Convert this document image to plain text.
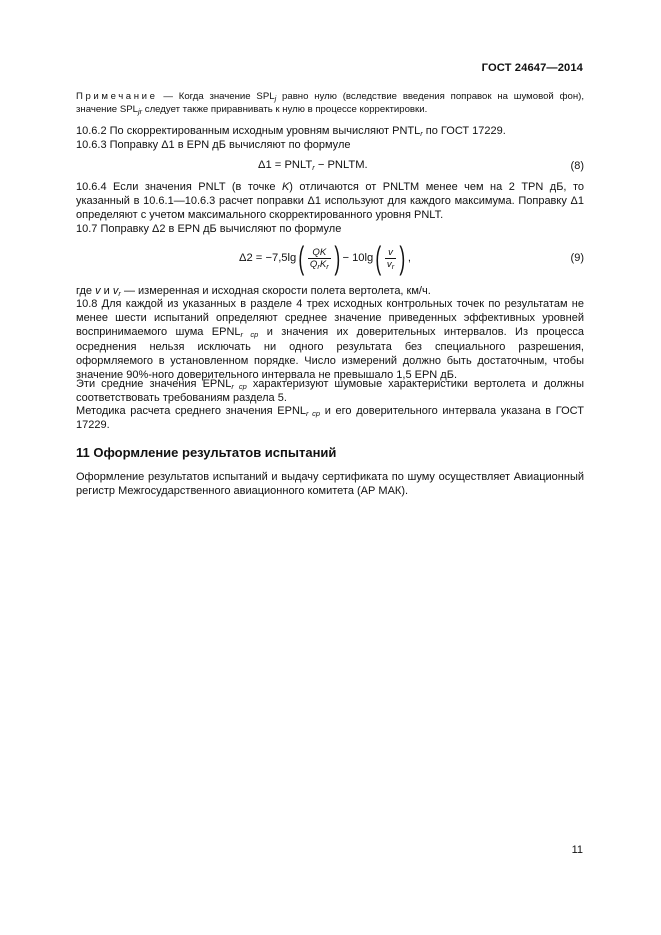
ГОСТ 24647—2014
Примечание — Когда значение $SPL_j$ равно нулю (вследствие введения поправок на шумовой фон), значение $SPL_{jr}$ следует также приравнивать к нулю в процессе корректировки.
10.6.2 По скорректированным исходным уровням вычисляют $PNTL_r$ по ГОСТ 17229.
10.6.3 Поправку Δ1 в EPN дБ вычисляют по формуле
$\Delta 1 = PNLT_r$ − PNLTM.	(8)
10.6.4 Если значения PNLT (в точке K) отличаются от PNLTM менее чем на 2 TPN дБ, то указанный в 10.6.1—10.6.3 расчет поправки Δ1 используют для каждого максимума. Поправку Δ1 определяют с учетом максимального скорректированного уровня PNLT.
10.7 Поправку Δ2 в EPN дБ вычисляют по формуле
Δ2 = −7,5lg ( $\frac{QK}{Q_rK_r}$ ) − 10lg ( $\frac{v}{v_r}$ ) ,	(9)
где v и $v_r$ — измеренная и исходная скорости полета вертолета, км/ч.
10.8 Для каждой из указанных в разделе 4 трех исходных контрольных точек по результатам не менее шести испытаний определяют среднее значение приведенных эффективных уровней воспринимаемого шума $EPNL_{r ср}$ и значения их доверительных интервалов. Из процесса осреднения нельзя исключать ни одного результата без специального разрешения, оформляемого в установленном порядке. Число измерений должно быть достаточным, чтобы значение 90%-ного доверительного интервала не превышало 1,5 EPN дБ.
Эти средние значения $EPNL_{r ср}$ характеризуют шумовые характеристики вертолета и должны соответствовать требованиям раздела 5.
Методика расчета среднего значения $EPNL_{r ср}$ и его доверительного интервала указана в ГОСТ 17229.
11 Оформление результатов испытаний
Оформление результатов испытаний и выдачу сертификата по шуму осуществляет Авиационный регистр Межгосударственного авиационного комитета (АР МАК).
11
